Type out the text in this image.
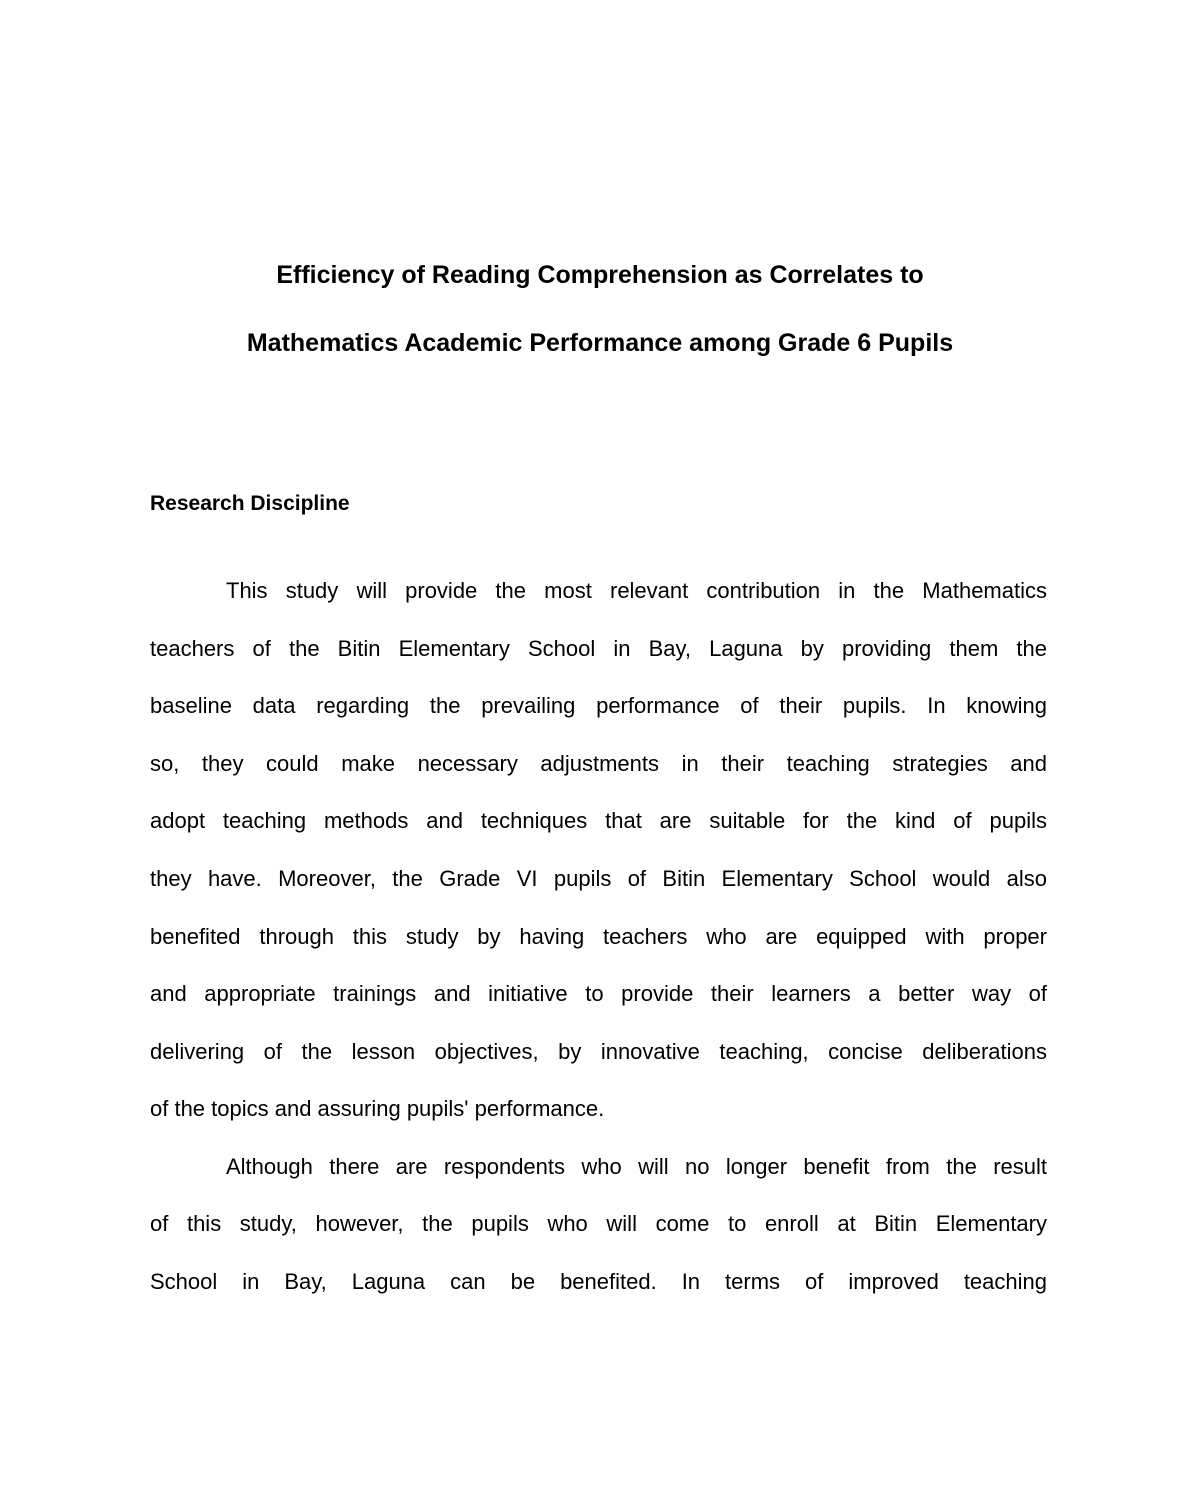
Efficiency of Reading Comprehension as Correlates to
Mathematics Academic Performance among Grade 6 Pupils
Research Discipline
This study will provide the most relevant contribution in the Mathematics
teachers of the Bitin Elementary School in Bay, Laguna by providing them the
baseline data regarding the prevailing performance of their pupils. In knowing
so, they could make necessary adjustments in their teaching strategies and
adopt teaching methods and techniques that are suitable for the kind of pupils
they have. Moreover, the Grade VI pupils of Bitin Elementary School would also
benefited through this study by having teachers who are equipped with proper
and appropriate trainings and initiative to provide their learners a better way of
delivering of the lesson objectives, by innovative teaching, concise deliberations
of the topics and assuring pupils' performance.
Although there are respondents who will no longer benefit from the result
of this study, however, the pupils who will come to enroll at Bitin Elementary
School in Bay, Laguna can be benefited. In terms of improved teaching
